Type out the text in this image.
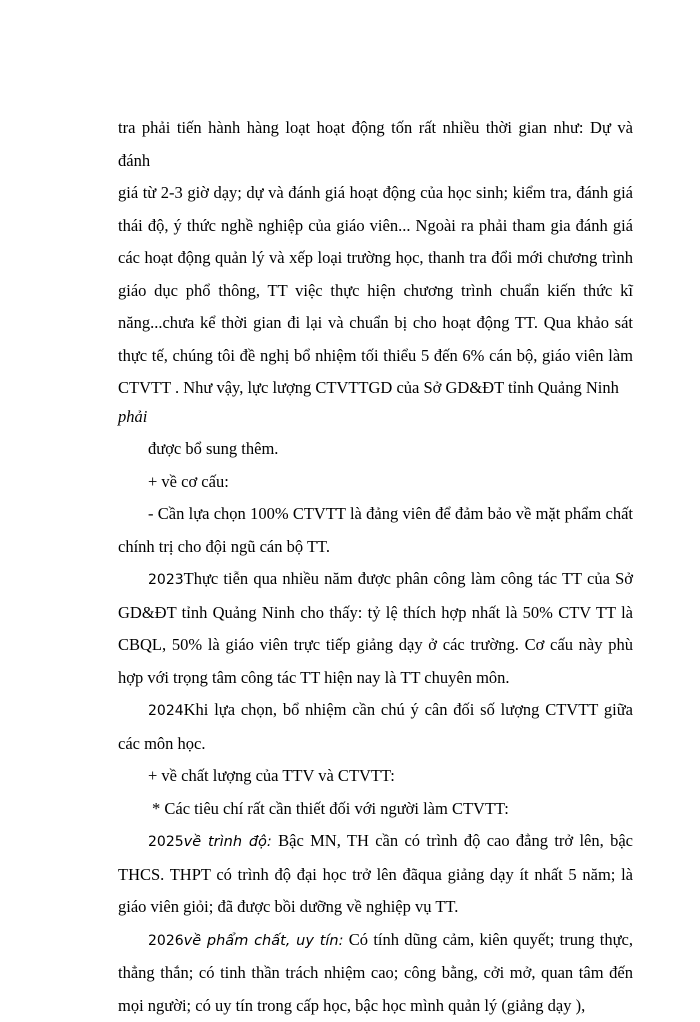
tra phải tiến hành hàng loạt hoạt động tốn rất nhiều thời gian như: Dự và đánh
giá từ 2-3 giờ dạy; dự và đánh giá hoạt động của học sinh; kiểm tra, đánh giá
thái độ, ý thức nghề nghiệp của giáo viên... Ngoài ra phải tham gia đánh giá
các hoạt động quản lý và xếp loại trường học, thanh tra đổi mới chương trình
giáo dục phổ thông, TT việc thực hiện chương trình chuẩn kiến thức kĩ
năng...chưa kể thời gian đi lại và chuẩn bị cho hoạt động TT. Qua khảo sát
thực tế, chúng tôi đề nghị bổ nhiệm tối thiểu 5 đến 6% cán bộ, giáo viên làm
CTVTT . Như vậy, lực lượng CTVTTGD của Sở GD&ĐT tỉnh Quảng Ninh
phải
được bổ sung thêm.
+ về cơ cấu:
- Cần lựa chọn 100% CTVTT là đảng viên để đảm bảo về mặt phẩm chất
chính trị cho đội ngũ cán bộ TT.
2023Thực tiễn qua nhiều năm được phân công làm công tác TT của Sở
GD&ĐT tỉnh Quảng Ninh cho thấy: tỷ lệ thích hợp nhất là 50% CTV TT là
CBQL, 50% là giáo viên trực tiếp giảng dạy ở các trường. Cơ cấu này phù
hợp với trọng tâm công tác TT hiện nay là TT chuyên môn.
2024Khi lựa chọn, bổ nhiệm cần chú ý cân đối số lượng CTVTT giữa
các môn học.
+ về chất lượng của TTV và CTVTT:
* Các tiêu chí rất cần thiết đối với người làm CTVTT:
2025về trình độ: Bậc MN, TH cần có trình độ cao đẳng trở lên, bậc
THCS. THPT có trình độ đại học trở lên đãqua giảng dạy ít nhất 5 năm; là
giáo viên giỏi; đã được bồi dưỡng về nghiệp vụ TT.
2026về phẩm chất, uy tín: Có tính dũng cảm, kiên quyết; trung thực,
thẳng thắn; có tinh thần trách nhiệm cao; công bằng, cởi mở, quan tâm đến
mọi người; có uy tín trong cấp học, bậc học mình quản lý (giảng dạy ),
